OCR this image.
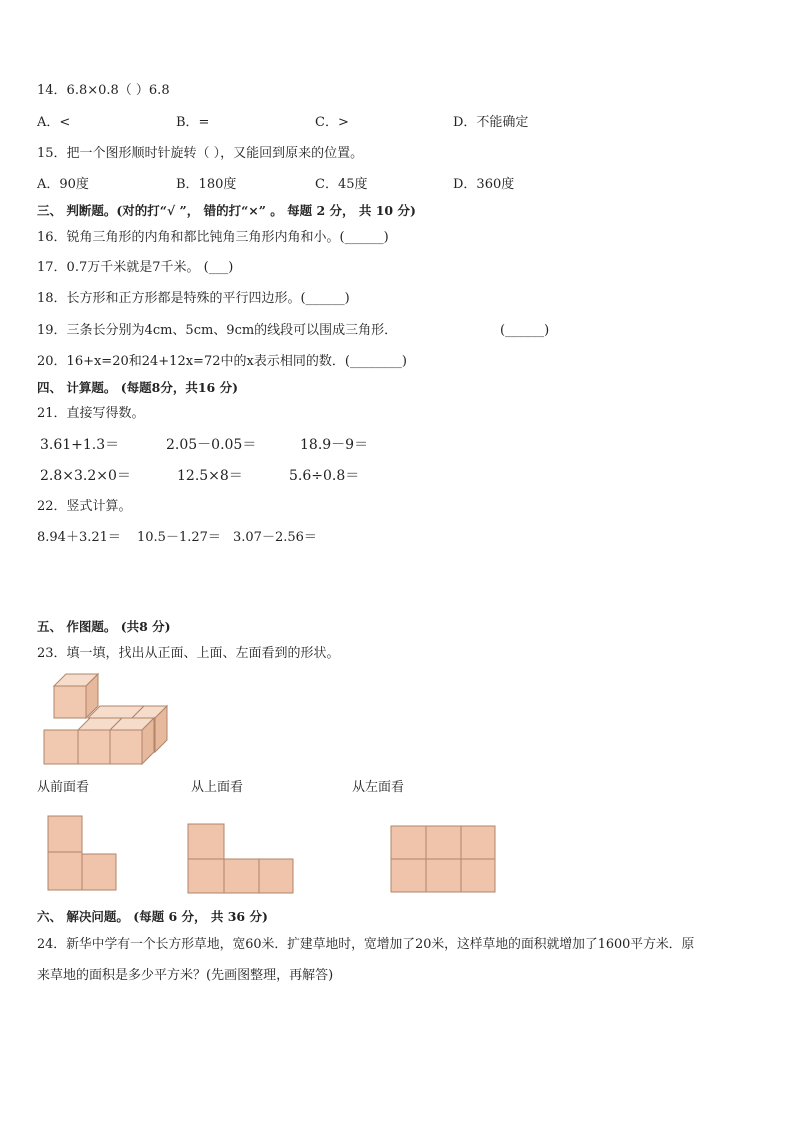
14．6.8×0.8（ ）6.8
A．<	B．=	C．>	D．不能确定
15．把一个图形顺时针旋转（ ），又能回到原来的位置。
A．90度	B．180度	C．45度	D．360度
三、 判断题。(对的打“√ ”， 错的打“×” 。 每题 2 分， 共 10 分)
16．锐角三角形的内角和都比钝角三角形内角和小。(______)
17．0.7万千米就是7千米。 (___)
18．长方形和正方形都是特殊的平行四边形。(______)
19．三条长分别为4cm、5cm、9cm的线段可以围成三角形．	(______)
20．16+x=20和24+12x=72中的x表示相同的数．(________)
四、 计算题。 (每题8分，共16 分)
21．直接写得数。
3.61+1.3＝	2.05－0.05＝	18.9－9＝
2.8×3.2×0＝	12.5×8＝	5.6÷0.8＝
22．竖式计算。
8.94＋3.21＝ 10.5－1.27＝ 3.07－2.56＝
五、 作图题。 (共8 分)
23．填一填，找出从正面、上面、左面看到的形状。
从前面看	从上面看	从左面看
六、 解决问题。 (每题 6 分， 共 36 分)
24．新华中学有一个长方形草地，宽60米．扩建草地时，宽增加了20米，这样草地的面积就增加了1600平方米．原
来草地的面积是多少平方米？(先画图整理，再解答)
